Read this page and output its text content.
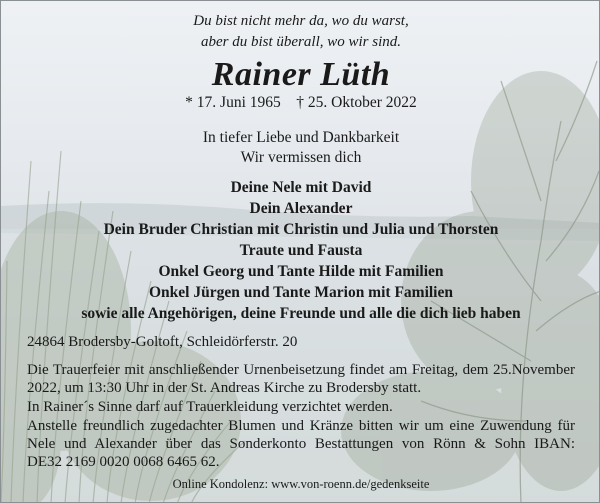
Du bist nicht mehr da, wo du warst,
aber du bist überall, wo wir sind.
Rainer Lüth
* 17. Juni 1965    † 25. Oktober 2022
In tiefer Liebe und Dankbarkeit
Wir vermissen dich
Deine Nele mit David
Dein Alexander
Dein Bruder Christian mit Christin und Julia und Thorsten
Traute und Fausta
Onkel Georg und Tante Hilde mit Familien
Onkel Jürgen und Tante Marion mit Familien
sowie alle Angehörigen, deine Freunde und alle die dich lieb haben
24864 Brodersby-Goltoft, Schleidörferstr. 20
Die Trauerfeier mit anschließender Urnenbeisetzung findet am Freitag, dem 25.November
2022, um 13:30 Uhr in der St. Andreas Kirche zu Brodersby statt.
In Rainer´s Sinne darf auf Trauerkleidung verzichtet werden.
Anstelle freundlich zugedachter Blumen und Kränze bitten wir um eine Zuwendung für
Nele und Alexander über das Sonderkonto Bestattungen von Rönn & Sohn IBAN:
DE32 2169 0020 0068 6465 62.
Online Kondolenz: www.von-roenn.de/gedenkseite
